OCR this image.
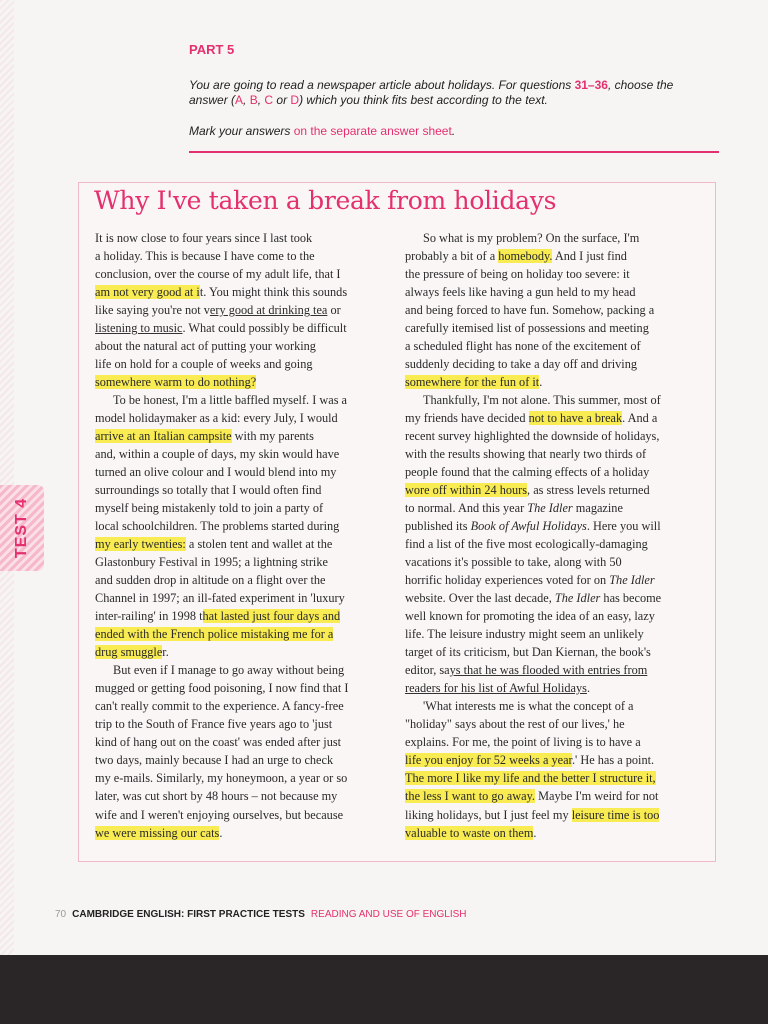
TEST 4
PART 5
You are going to read a newspaper article about holidays. For questions 31–36, choose the
answer (A, B, C or D) which you think fits best according to the text.
Mark your answers on the separate answer sheet.
Why I've taken a break from holidays
It is now close to four years since I last took
a holiday. This is because I have come to the
conclusion, over the course of my adult life, that I
am not very good at it. You might think this sounds
like saying you're not very good at drinking tea or
listening to music. What could possibly be difficult
about the natural act of putting your working
life on hold for a couple of weeks and going
somewhere warm to do nothing?
To be honest, I'm a little baffled myself. I was a
model holidaymaker as a kid: every July, I would
arrive at an Italian campsite with my parents
and, within a couple of days, my skin would have
turned an olive colour and I would blend into my
surroundings so totally that I would often find
myself being mistakenly told to join a party of
local schoolchildren. The problems started during
my early twenties: a stolen tent and wallet at the
Glastonbury Festival in 1995; a lightning strike
and sudden drop in altitude on a flight over the
Channel in 1997; an ill-fated experiment in 'luxury
inter-railing' in 1998 that lasted just four days and
ended with the French police mistaking me for a
drug smuggler.
But even if I manage to go away without being
mugged or getting food poisoning, I now find that I
can't really commit to the experience. A fancy-free
trip to the South of France five years ago to 'just
kind of hang out on the coast' was ended after just
two days, mainly because I had an urge to check
my e-mails. Similarly, my honeymoon, a year or so
later, was cut short by 48 hours – not because my
wife and I weren't enjoying ourselves, but because
we were missing our cats.
So what is my problem? On the surface, I'm
probably a bit of a homebody. And I just find
the pressure of being on holiday too severe: it
always feels like having a gun held to my head
and being forced to have fun. Somehow, packing a
carefully itemised list of possessions and meeting
a scheduled flight has none of the excitement of
suddenly deciding to take a day off and driving
somewhere for the fun of it.
Thankfully, I'm not alone. This summer, most of
my friends have decided not to have a break. And a
recent survey highlighted the downside of holidays,
with the results showing that nearly two thirds of
people found that the calming effects of a holiday
wore off within 24 hours, as stress levels returned
to normal. And this year The Idler magazine
published its Book of Awful Holidays. Here you will
find a list of the five most ecologically-damaging
vacations it's possible to take, along with 50
horrific holiday experiences voted for on The Idler
website. Over the last decade, The Idler has become
well known for promoting the idea of an easy, lazy
life. The leisure industry might seem an unlikely
target of its criticism, but Dan Kiernan, the book's
editor, says that he was flooded with entries from
readers for his list of Awful Holidays.
'What interests me is what the concept of a
"holiday" says about the rest of our lives,' he
explains. For me, the point of living is to have a
life you enjoy for 52 weeks a year.' He has a point.
The more I like my life and the better I structure it,
the less I want to go away. Maybe I'm weird for not
liking holidays, but I just feel my leisure time is too
valuable to waste on them.
70 CAMBRIDGE ENGLISH: FIRST PRACTICE TESTS READING AND USE OF ENGLISH
